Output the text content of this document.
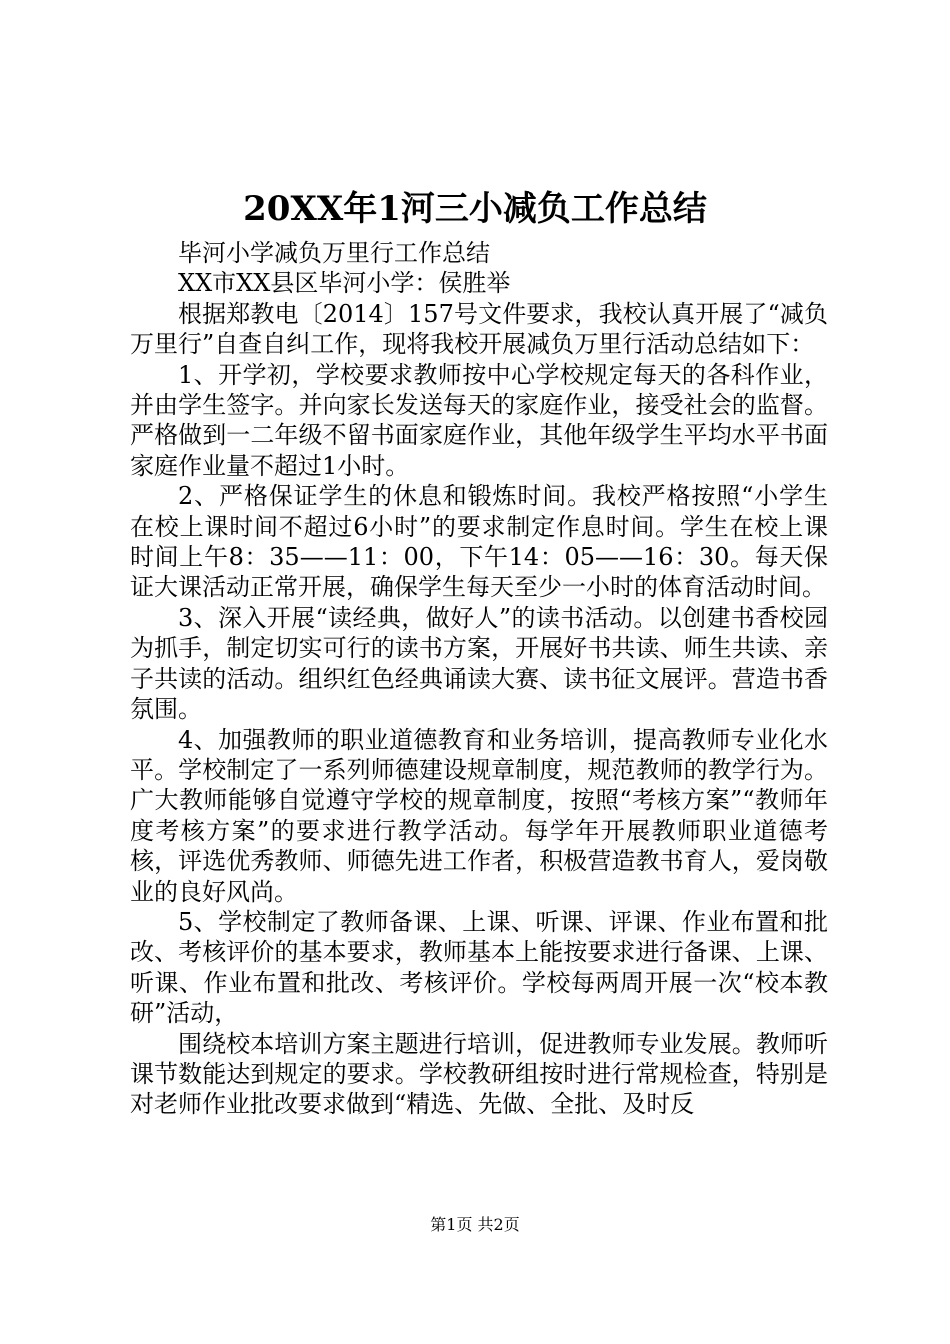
20XX年1河三小减负工作总结

毕河小学减负万里行工作总结

XX市XX县区毕河小学：侯胜举

根据郑教电〔2014〕157号文件要求，我校认真开展了“减负万里行”自查自纠工作，现将我校开展减负万里行活动总结如下：

1、开学初，学校要求教师按中心学校规定每天的各科作业，并由学生签字。并向家长发送每天的家庭作业，接受社会的监督。严格做到一二年级不留书面家庭作业，其他年级学生平均水平书面家庭作业量不超过1小时。

2、严格保证学生的休息和锻炼时间。我校严格按照“小学生在校上课时间不超过6小时”的要求制定作息时间。学生在校上课时间上午8：35——11：00，下午14：05——16：30。每天保证大课活动正常开展，确保学生每天至少一小时的体育活动时间。

3、深入开展“读经典，做好人”的读书活动。以创建书香校园为抓手，制定切实可行的读书方案，开展好书共读、师生共读、亲子共读的活动。组织红色经典诵读大赛、读书征文展评。营造书香氛围。

4、加强教师的职业道德教育和业务培训，提高教师专业化水平。学校制定了一系列师德建设规章制度，规范教师的教学行为。广大教师能够自觉遵守学校的规章制度，按照“考核方案”“教师年度考核方案”的要求进行教学活动。每学年开展教师职业道德考核，评选优秀教师、师德先进工作者，积极营造教书育人，爱岗敬业的良好风尚。

5、学校制定了教师备课、上课、听课、评课、作业布置和批改、考核评价的基本要求，教师基本上能按要求进行备课、上课、听课、作业布置和批改、考核评价。学校每两周开展一次“校本教研”活动，

围绕校本培训方案主题进行培训，促进教师专业发展。教师听课节数能达到规定的要求。学校教研组按时进行常规检查，特别是对老师作业批改要求做到“精选、先做、全批、及时反

第1页 共2页
